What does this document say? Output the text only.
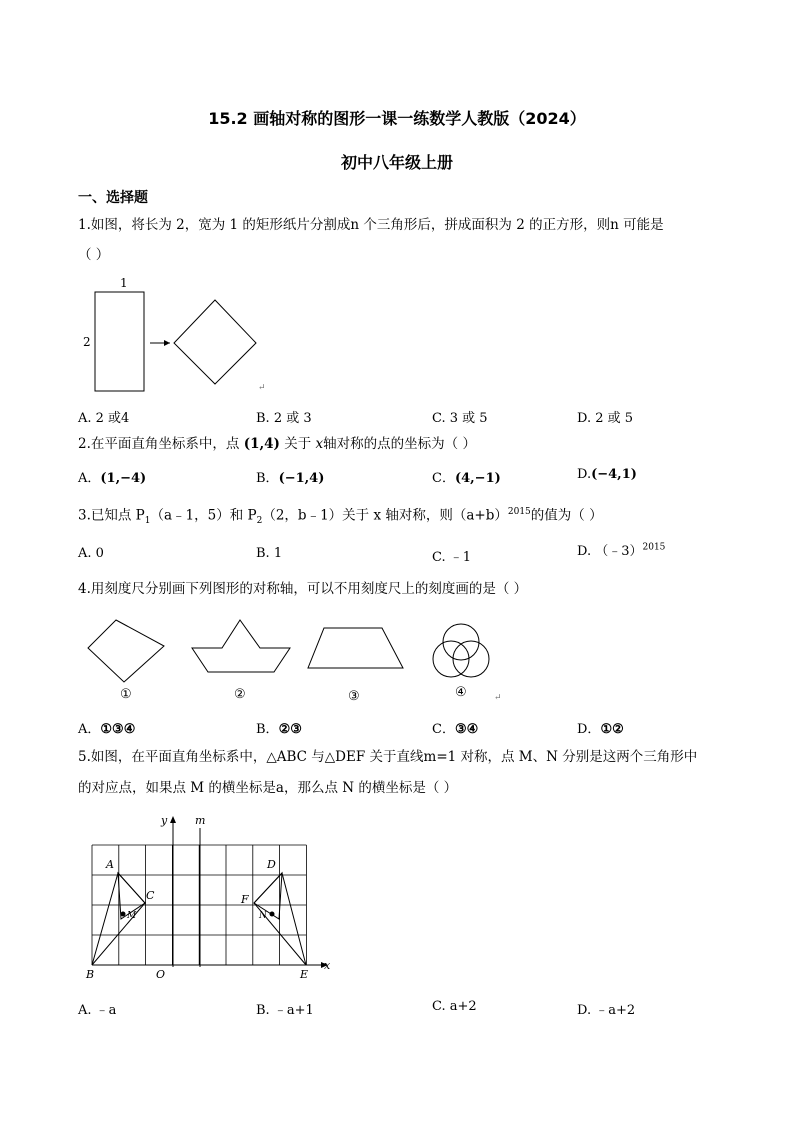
15.2 画轴对称的图形一课一练数学人教版（2024）
初中八年级上册
一、选择题
1.如图，将长为 2，宽为 1 的矩形纸片分割成n 个三角形后，拼成面积为 2 的正方形，则n 可能是
（ ）
1
2
↵
A. 2 或4	B. 2 或 3	C. 3 或 5	D. 2 或 5
2.在平面直角坐标系中，点 (1,4) 关于 x轴对称的点的坐标为（ ）
A．(1,−4)	B．(−1,4)	C．(4,−1)	D.(−4,1)
3.已知点 $P_1(a﹣1$，5）和 $P_2(2$，b﹣1）关于 x 轴对称，则$(a+b)^{2015}$的值为（ ）
A. 0	B. 1	C. ﹣1	D. （﹣3）$^{2015}$
4.用刻度尺分别画下列图形的对称轴，可以不用刻度尺上的刻度画的是（ ）
①	②	③	④	↵
A．①③④	B．②③	C．③④	D．①②
5.如图，在平面直角坐标系中，△ABC 与△DEF 关于直线m=1 对称，点 M、N 分别是这两个三角形中
的对应点，如果点 M 的横坐标是a，那么点 N 的横坐标是（ ）
y	m
x
A
B
C
M
O
D
E
F
N
A. ﹣a	B. ﹣a+1	C. a+2	D. ﹣a+2
